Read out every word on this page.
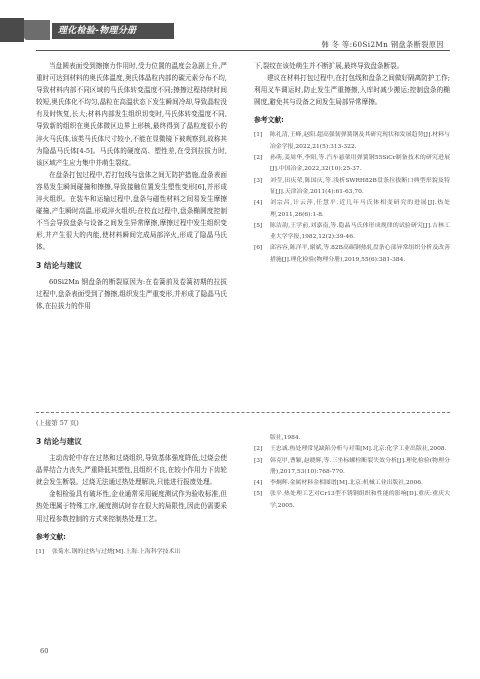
理化检验-物理分册
韩 冬 等:60Si2Mn 钢盘条断裂原因

当盘圆表面受到擦擦力作用时,受力位置的温度会急剧上升,严重时可达到材料的奥氏体温度,奥氏体晶粒内部的碳元素分布不均,导致材料内部不同区域的马氏体转变温度不同;擦擦过程持续时间较短,奥氏体化不均匀,晶粒在高温状态下发生瞬间冷却,导致晶粒没有及时恢复,长大;材料内部发生组织切变时,马氏体转变温度不同,导致新的组织在奥氏体微区边界上形核,最终得到了晶粒度很小的淬火马氏体,该类马氏体尺寸较小,不能在显微镜下被观察到,故称其为隐晶马氏体[4-5]。马氏体的硬度高、塑性差,在受到拉拔力时,该区域产生应力集中并萌生裂纹。

在盘条打包过程中,若打包线与盘体之间无防护措施,盘条表面容易发生瞬间碰撞和擦擦,导致接触位置发生塑性变形[6],并形成淬火组织。在装车和运输过程中,盘条与磁性材料之间易发生摩擦碰撞,产生瞬时高温,形成淬火组织;在校直过程中,盘条椭圆度控制不当会导致盘条与设备之间发生异常摩擦,摩擦过程中发生组织变形,并产生很大的内能,使材料瞬间完成局部淬火,形成了隐晶马氏体。

3 结论与建议

60Si2Mn 钢盘条的断裂原因为:在卷簧前及卷簧初期的拉拔过程中,盘条表面受到了擦擦,组织发生严重变形,并形成了隐晶马氏体,在拉拔力的作用

下,裂纹在该处萌生并不断扩展,最终导致盘条断裂。

建议在材料打包过程中,在打包线和盘条之间做好隔离防护工作;利用叉车调运时,防止发生严重擦擦,入库时减少搬运;控制盘条的椭圆度,避免其与设备之间发生局部异常摩擦。

参考文献:
[1]	陈礼清,王峰,赵阳.超高强韧弹簧钢及其研究现状和发展趋势[J].材料与冶金学报,2022,21(5):313-322.
[2]	孙萌,姜周华,李阳,等.汽车悬架用弹簧钢55SiCr制备技术的研究进展[J].中国冶金,2022,32(10):25-37.
[3]	刘莹,田庆荣,陈国庆,等.浅析SWRH82B盘条拉拔断口典型形貌及特征[J].天津冶金,2011(4):61-63,70.
[4]	刘宗昌,计云萍,任慧平.近几年马氏体相变研究的进展[J].热处理,2011,26(6):1-8.
[5]	陈洁韵,王学前,刘嘉南,等.隐晶马氏体形成规律的试验研究[J].吉林工业大学学报,1982,12(2):39-46.
[6]	邱容容,陈洋平,谢斌,等.82B高碳钢热轧盘条心部异常组织分析及改善措施[J].理化检验(物理分册),2019,55(6):381-384.
(上接第 57 页)
3 结论与建议

主动齿轮中存在过热和过烧组织,导致基体强度降低,过烧会使晶界结合力丧失,严重降低其塑性,且组织不良,在较小作用力下齿轮就会发生断裂。过烧无法通过热处理解决,只能进行报废处理。

金相检验具有破坏性,企业通常采用硬度测试作为验收标准,但热处理属于特殊工序,硬度测试时存在很大的局限性,因此仍需要采用过程参数控制的方式来控制热处理工艺。

参考文献:
[1]	张菊水.钢的过热与过烧[M].上海:上海科学技术出
版社,1984.
[2]	王忠诚.热处理常见缺陷分析与对策[M].北京:化学工业出版社,2008.
[3]	韩克甲,曹颖,赵晓辉,等.三坐标螺栓断裂失效分析[J].理化检验(物理分册),2017,53(10):768-770.
[4]	李炯辉.金属材料金相图谱[M].北京:机械工业出版社,2006.
[5]	张平.热处理工艺对Cr13型不锈钢组织和性能的影响[D].重庆:重庆大学,2005.
60
